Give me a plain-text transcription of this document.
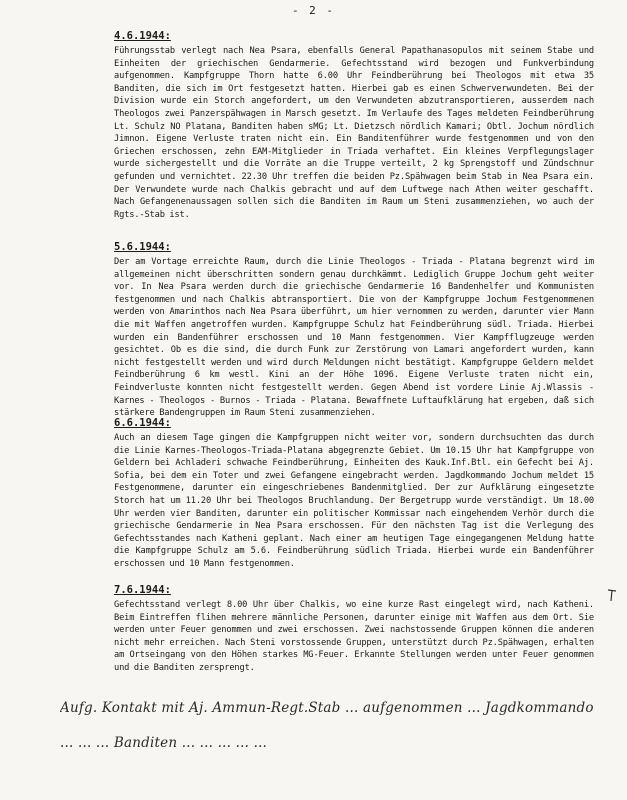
- 2 -
4.6.1944:

Führungsstab verlegt nach Nea Psara, ebenfalls General Papathanasopulos mit seinem Stabe und Einheiten der griechischen Gendarmerie. Gefechtsstand wird bezogen und Funkverbindung aufgenommen. Kampfgruppe Thorn hatte 6.00 Uhr Feindberührung bei Theologos mit etwa 35 Banditen, die sich im Ort festgesetzt hatten. Hierbei gab es einen Schwerverwundeten. Bei der Division wurde ein Storch angefordert, um den Verwundeten abzutransportieren, ausserdem nach Theologos zwei Panzerspähwagen in Marsch gesetzt. Im Verlaufe des Tages meldeten Feindberührung Lt. Schulz NO Platana, Banditen haben sMG; Lt. Dietzsch nördlich Kamari; Obtl. Jochum nördlich Jimnon. Eigene Verluste traten nicht ein. Ein Banditenführer wurde festgenommen und von den Griechen erschossen, zehn EAM-Mitglieder in Triada verhaftet. Ein kleines Verpflegungslager wurde sichergestellt und die Vorräte an die Truppe verteilt, 2 kg Sprengstoff und Zündschnur gefunden und vernichtet. 22.30 Uhr treffen die beiden Pz.Spähwagen beim Stab in Nea Psara ein. Der Verwundete wurde nach Chalkis gebracht und auf dem Luftwege nach Athen weiter geschafft. Nach Gefangenenaussagen sollen sich die Banditen im Raum um Steni zusammenziehen, wo auch der Rgts.-Stab ist.

5.6.1944:

Der am Vortage erreichte Raum, durch die Linie Theologos - Triada - Platana begrenzt wird im allgemeinen nicht überschritten sondern genau durchkämmt. Lediglich Gruppe Jochum geht weiter vor. In Nea Psara werden durch die griechische Gendarmerie 16 Bandenhelfer und Kommunisten festgenommen und nach Chalkis abtransportiert. Die von der Kampfgruppe Jochum Festgenommenen werden von Amarinthos nach Nea Psara überführt, um hier vernommen zu werden, darunter vier Mann die mit Waffen angetroffen wurden. Kampfgruppe Schulz hat Feindberührung südl. Triada. Hierbei wurden ein Bandenführer erschossen und 10 Mann festgenommen. Vier Kampfflugzeuge werden gesichtet. Ob es die sind, die durch Funk zur Zerstörung von Lamari angefordert wurden, kann nicht festgestellt werden und wird durch Meldungen nicht bestätigt. Kampfgruppe Geldern meldet Feindberührung 6 km westl. Kini an der Höhe 1096. Eigene Verluste traten nicht ein, Feindverluste konnten nicht festgestellt werden. Gegen Abend ist vordere Linie Aj.Wlassis - Karnes - Theologos - Burnos - Triada - Platana. Bewaffnete Luftaufklärung hat ergeben, daß sich stärkere Bandengruppen im Raum Steni zusammenziehen.

6.6.1944:

Auch an diesem Tage gingen die Kampfgruppen nicht weiter vor, sondern durchsuchten das durch die Linie Karnes-Theologos-Triada-Platana abgegrenzte Gebiet. Um 10.15 Uhr hat Kampfgruppe von Geldern bei Achladeri schwache Feindberührung, Einheiten des Kauk.Inf.Btl. ein Gefecht bei Aj. Sofia, bei dem ein Toter und zwei Gefangene eingebracht werden. Jagdkommando Jochum meldet 15 Festgenommene, darunter ein eingeschriebenes Bandenmitglied. Der zur Aufklärung eingesetzte Storch hat um 11.20 Uhr bei Theologos Bruchlandung. Der Bergetrupp wurde verständigt. Um 18.00 Uhr werden vier Banditen, darunter ein politischer Kommissar nach eingehendem Verhör durch die griechische Gendarmerie in Nea Psara erschossen. Für den nächsten Tag ist die Verlegung des Gefechtsstandes nach Katheni geplant. Nach einer am heutigen Tage eingegangenen Meldung hatte die Kampfgruppe Schulz am 5.6. Feindberührung südlich Triada. Hierbei wurde ein Bandenführer erschossen und 10 Mann festgenommen.

7.6.1944:

Gefechtsstand verlegt 8.00 Uhr über Chalkis, wo eine kurze Rast eingelegt wird, nach Katheni. Beim Eintreffen flihen mehrere männliche Personen, darunter einige mit Waffen aus dem Ort. Sie werden unter Feuer genommen und zwei erschossen. Zwei nachstossende Gruppen können die anderen nicht mehr erreichen. Nach Steni vorstossende Gruppen, unterstützt durch Pz.Spähwagen, erhalten am Ortseingang von den Höhen starkes MG-Feuer. Erkannte Stellungen werden unter Feuer genommen und die Banditen zersprengt.

Aufg. Kontakt mit Aj. Ammun-Regt.Stab ... aufgenommen ... Jagdkommando
... ... ... Banditen ... ... ... ... ...
